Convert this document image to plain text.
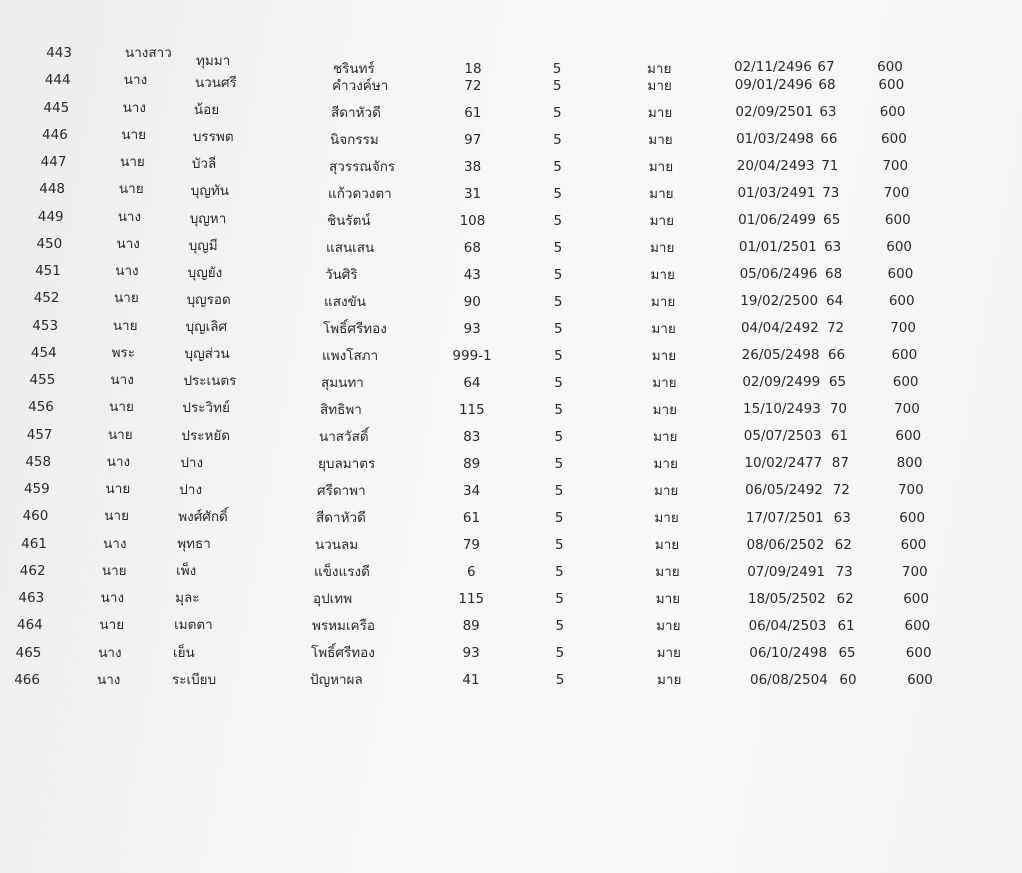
443	นางสาว ทุมมา	ชรินทร์	18	5	มาย	02/11/2496 67	600
444	นาง	นวนศรี	คำวงค์ษา	72	5	มาย	09/01/2496 68	600
445	นาง	น้อย	สีดาหัวดี	61	5	มาย	02/09/2501 63	600
446	นาย	บรรพต	นิจกรรม	97	5	มาย	01/03/2498 66	600
447	นาย	บัวลี	สุวรรณจักร	38	5	มาย	20/04/2493 71	700
448	นาย	บุญทัน	แก้วดวงตา	31	5	มาย	01/03/2491 73	700
449	นาง	บุญหา	ชินรัตน์	108	5	มาย	01/06/2499 65	600
450	นาง	บุญมี	แสนเสน	68	5	มาย	01/01/2501 63	600
451	นาง	บุญยัง	วันศิริ	43	5	มาย	05/06/2496 68	600
452	นาย	บุญรอด	แสงขัน	90	5	มาย	19/02/2500 64	600
453	นาย	บุญเลิศ	โพธิ์ศรีทอง	93	5	มาย	04/04/2492 72	700
454	พระ	บุญส่วน	แพงโสภา	999-1	5	มาย	26/05/2498 66	600
455	นาง	ประเนตร	สุมนทา	64	5	มาย	02/09/2499 65	600
456	นาย	ประวิทย์	สิทธิพา	115	5	มาย	15/10/2493 70	700
457	นาย	ประหยัด	นาสวัสดิ์	83	5	มาย	05/07/2503 61	600
458	นาง	ปาง	ยุบลมาตร	89	5	มาย	10/02/2477 87	800
459	นาย	ปาง	ศรีดาพา	34	5	มาย	06/05/2492 72	700
460	นาย	พงศ์ศักดิ์	สีดาหัวดี	61	5	มาย	17/07/2501 63	600
461	นาง	พุทธา	นวนลม	79	5	มาย	08/06/2502 62	600
462	นาย	เพ็ง	แข็งแรงดี	6	5	มาย	07/09/2491 73	700
463	นาง	มุละ	อุปเทพ	115	5	มาย	18/05/2502 62	600
464	นาย	เมตตา	พรหมเครือ	89	5	มาย	06/04/2503 61	600
465	นาง	เย็น	โพธิ์ศรีทอง	93	5	มาย	06/10/2498 65	600
466	นาง	ระเบียบ	ปัญหาผล	41	5	มาย	06/08/2504 60	600
